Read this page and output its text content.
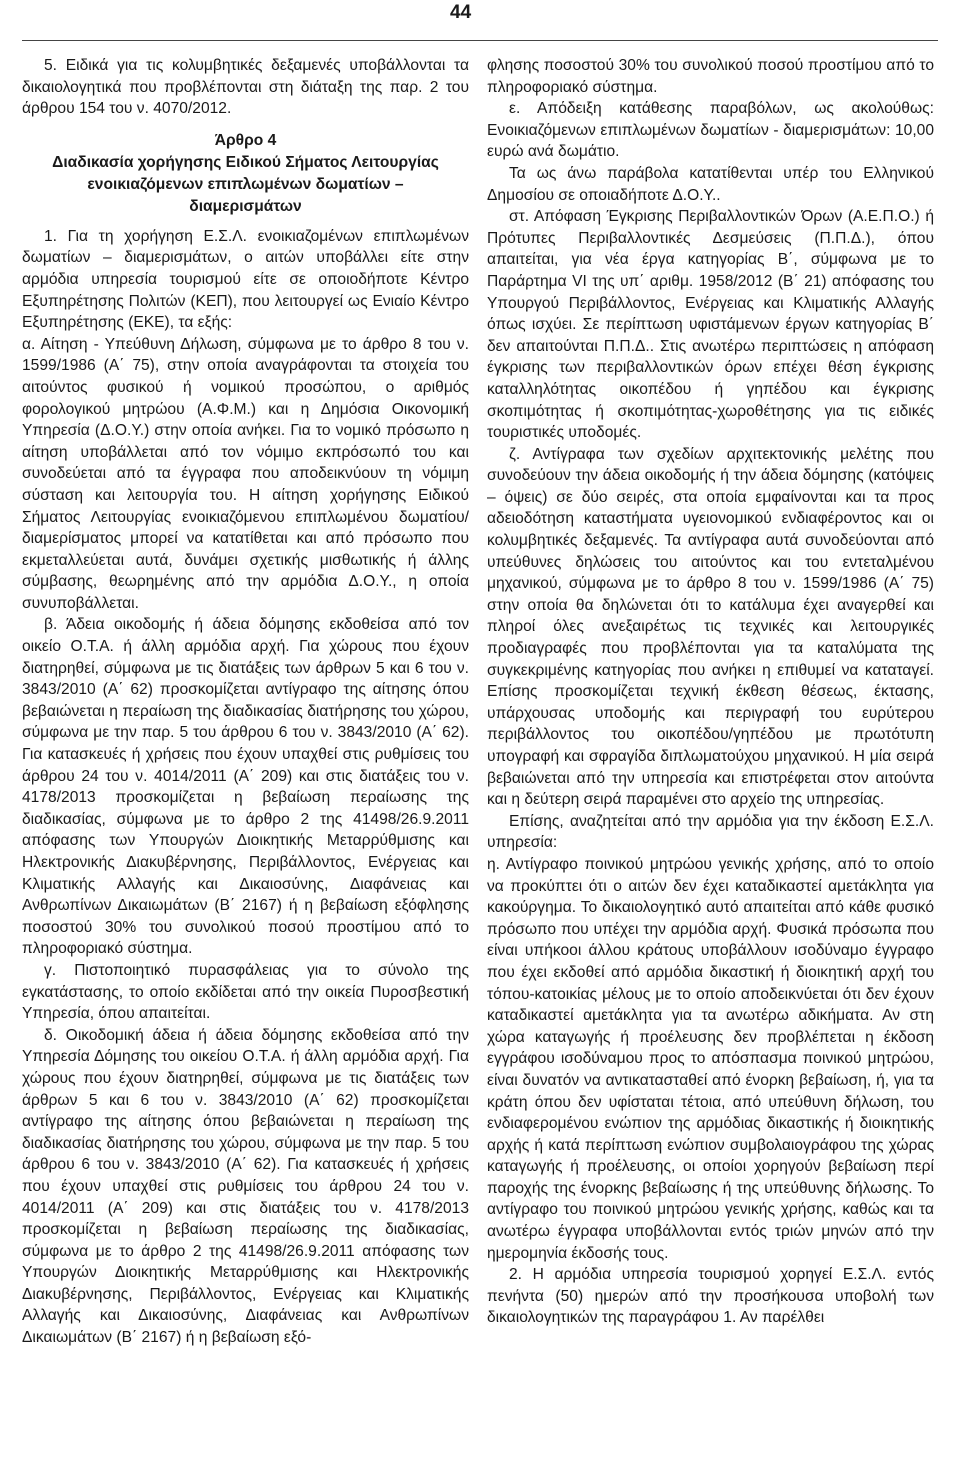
44

5. Ειδικά για τις κολυμβητικές δεξαμενές υποβάλλονται τα δικαιολογητικά που προβλέπονται στη διάταξη της παρ. 2 του άρθρου 154 του ν. 4070/2012.

Άρθρο 4
Διαδικασία χορήγησης Ειδικού Σήματος Λειτουργίας
ενοικιαζόμενων επιπλωμένων δωματίων –
διαμερισμάτων

1. Για τη χορήγηση Ε.Σ.Λ. ενοικιαζομένων επιπλωμένων δωματίων – διαμερισμάτων, ο αιτών υποβάλλει είτε στην αρμόδια υπηρεσία τουρισμού είτε σε οποιοδήποτε Κέντρο Εξυπηρέτησης Πολιτών (ΚΕΠ), που λειτουργεί ως Ενιαίο Κέντρο Εξυπηρέτησης (ΕΚΕ), τα εξής:

α. Αίτηση - Υπεύθυνη Δήλωση, σύμφωνα με το άρθρο 8 του ν. 1599/1986 (Α΄ 75), στην οποία αναγράφονται τα στοιχεία του αιτούντος φυσικού ή νομικού προσώπου, ο αριθμός φορολογικού μητρώου (Α.Φ.Μ.) και η Δημόσια Οικονομική Υπηρεσία (Δ.Ο.Υ.) στην οποία ανήκει. Για το νομικό πρόσωπο η αίτηση υποβάλλεται από τον νόμιμο εκπρόσωπό του και συνοδεύεται από τα έγγραφα που αποδεικνύουν τη νόμιμη σύσταση και λειτουργία του. Η αίτηση χορήγησης Ειδικού Σήματος Λειτουργίας ενοικιαζόμενου επιπλωμένου δωματίου/διαμερίσματος μπορεί να κατατίθεται και από πρόσωπο που εκμεταλλεύεται αυτά, δυνάμει σχετικής μισθωτικής ή άλλης σύμβασης, θεωρημένης από την αρμόδια Δ.Ο.Υ., η οποία συνυποβάλλεται.

β. Άδεια οικοδομής ή άδεια δόμησης εκδοθείσα από τον οικείο Ο.Τ.Α. ή άλλη αρμόδια αρχή. Για χώρους που έχουν διατηρηθεί, σύμφωνα με τις διατάξεις των άρθρων 5 και 6 του ν. 3843/2010 (Α΄ 62) προσκομίζεται αντίγραφο της αίτησης όπου βεβαιώνεται η περαίωση της διαδικασίας διατήρησης του χώρου, σύμφωνα με την παρ. 5 του άρθρου 6 του ν. 3843/2010 (Α΄ 62). Για κατασκευές ή χρήσεις που έχουν υπαχθεί στις ρυθμίσεις του άρθρου 24 του ν. 4014/2011 (Α΄ 209) και στις διατάξεις του ν. 4178/2013 προσκομίζεται η βεβαίωση περαίωσης της διαδικασίας, σύμφωνα με το άρθρο 2 της 41498/26.9.2011 απόφασης των Υπουργών Διοικητικής Μεταρρύθμισης και Ηλεκτρονικής Διακυβέρνησης, Περιβάλλοντος, Ενέργειας και Κλιματικής Αλλαγής και Δικαιοσύνης, Διαφάνειας και Ανθρωπίνων Δικαιωμάτων (Β΄ 2167) ή η βεβαίωση εξόφλησης ποσοστού 30% του συνολικού ποσού προστίμου από το πληροφοριακό σύστημα.

γ. Πιστοποιητικό πυρασφάλειας για το σύνολο της εγκατάστασης, το οποίο εκδίδεται από την οικεία Πυροσβεστική Υπηρεσία, όπου απαιτείται.

δ. Οικοδομική άδεια ή άδεια δόμησης εκδοθείσα από την Υπηρεσία Δόμησης του οικείου Ο.Τ.Α. ή άλλη αρμόδια αρχή. Για χώρους που έχουν διατηρηθεί, σύμφωνα με τις διατάξεις των άρθρων 5 και 6 του ν. 3843/2010 (Α΄ 62) προσκομίζεται αντίγραφο της αίτησης όπου βεβαιώνεται η περαίωση της διαδικασίας διατήρησης του χώρου, σύμφωνα με την παρ. 5 του άρθρου 6 του ν. 3843/2010 (Α΄ 62). Για κατασκευές ή χρήσεις που έχουν υπαχθεί στις ρυθμίσεις του άρθρου 24 του ν. 4014/2011 (Α΄ 209) και στις διατάξεις του ν. 4178/2013 προσκομίζεται η βεβαίωση περαίωσης της διαδικασίας, σύμφωνα με το άρθρο 2 της 41498/26.9.2011 απόφασης των Υπουργών Διοικητικής Μεταρρύθμισης και Ηλεκτρονικής Διακυβέρνησης, Περιβάλλοντος, Ενέργειας και Κλιματικής Αλλαγής και Δικαιοσύνης, Διαφάνειας και Ανθρωπίνων Δικαιωμάτων (Β΄ 2167) ή η βεβαίωση εξό-

φλησης ποσοστού 30% του συνολικού ποσού προστίμου από το πληροφοριακό σύστημα.

ε. Απόδειξη κατάθεσης παραβόλων, ως ακολούθως: Ενοικιαζόμενων επιπλωμένων δωματίων - διαμερισμάτων: 10,00 ευρώ ανά δωμάτιο.

Τα ως άνω παράβολα κατατίθενται υπέρ του Ελληνικού Δημοσίου σε οποιαδήποτε Δ.Ο.Υ..

στ. Απόφαση Έγκρισης Περιβαλλοντικών Όρων (Α.Ε.Π.Ο.) ή Πρότυπες Περιβαλλοντικές Δεσμεύσεις (Π.Π.Δ.), όπου απαιτείται, για νέα έργα κατηγορίας Β΄, σύμφωνα με το Παράρτημα VI της υπ΄ αριθμ. 1958/2012 (Β΄ 21) απόφασης του Υπουργού Περιβάλλοντος, Ενέργειας και Κλιματικής Αλλαγής όπως ισχύει. Σε περίπτωση υφιστάμενων έργων κατηγορίας Β΄ δεν απαιτούνται Π.Π.Δ.. Στις ανωτέρω περιπτώσεις η απόφαση έγκρισης των περιβαλλοντικών όρων επέχει θέση έγκρισης καταλληλότητας οικοπέδου ή γηπέδου και έγκρισης σκοπιμότητας ή σκοπιμότητας-χωροθέτησης για τις ειδικές τουριστικές υποδομές.

ζ. Αντίγραφα των σχεδίων αρχιτεκτονικής μελέτης που συνοδεύουν την άδεια οικοδομής ή την άδεια δόμησης (κατόψεις – όψεις) σε δύο σειρές, στα οποία εμφαίνονται και τα προς αδειοδότηση καταστήματα υγειονομικού ενδιαφέροντος και οι κολυμβητικές δεξαμενές. Τα αντίγραφα αυτά συνοδεύονται από υπεύθυνες δηλώσεις του αιτούντος και του εντεταλμένου μηχανικού, σύμφωνα με το άρθρο 8 του ν. 1599/1986 (Α΄ 75) στην οποία θα δηλώνεται ότι το κατάλυμα έχει αναγερθεί και πληροί όλες ανεξαιρέτως τις τεχνικές και λειτουργικές προδιαγραφές που προβλέπονται για τα καταλύματα της συγκεκριμένης κατηγορίας που ανήκει η επιθυμεί να καταταγεί. Επίσης προσκομίζεται τεχνική έκθεση θέσεως, έκτασης, υπάρχουσας υποδομής και περιγραφή του ευρύτερου περιβάλλοντος του οικοπέδου/γηπέδου με πρωτότυπη υπογραφή και σφραγίδα διπλωματούχου μηχανικού. Η μία σειρά βεβαιώνεται από την υπηρεσία και επιστρέφεται στον αιτούντα και η δεύτερη σειρά παραμένει στο αρχείο της υπηρεσίας.

Επίσης, αναζητείται από την αρμόδια για την έκδοση Ε.Σ.Λ. υπηρεσία:

η. Αντίγραφο ποινικού μητρώου γενικής χρήσης, από το οποίο να προκύπτει ότι ο αιτών δεν έχει καταδικαστεί αμετάκλητα για κακούργημα. Το δικαιολογητικό αυτό απαιτείται από κάθε φυσικό πρόσωπο που υπέχει την αρμόδια αρχή. Φυσικά πρόσωπα που είναι υπήκοοι άλλου κράτους υποβάλλουν ισοδύναμο έγγραφο που έχει εκδοθεί από αρμόδια δικαστική ή διοικητική αρχή του τόπου-κατοικίας μέλους με το οποίο αποδεικνύεται ότι δεν έχουν καταδικαστεί αμετάκλητα για τα ανωτέρω αδικήματα. Αν στη χώρα καταγωγής ή προέλευσης δεν προβλέπεται η έκδοση εγγράφου ισοδύναμου προς το απόσπασμα ποινικού μητρώου, είναι δυνατόν να αντικατασταθεί από ένορκη βεβαίωση, ή, για τα κράτη όπου δεν υφίσταται τέτοια, από υπεύθυνη δήλωση, του ενδιαφερομένου ενώπιον της αρμόδιας δικαστικής ή διοικητικής αρχής ή κατά περίπτωση ενώπιον συμβολαιογράφου της χώρας καταγωγής ή προέλευσης, οι οποίοι χορηγούν βεβαίωση περί παροχής της ένορκης βεβαίωσης ή της υπεύθυνης δήλωσης. Το αντίγραφο του ποινικού μητρώου γενικής χρήσης, καθώς και τα ανωτέρω έγγραφα υποβάλλονται εντός τριών μηνών από την ημερομηνία έκδοσής τους.

2. Η αρμόδια υπηρεσία τουρισμού χορηγεί Ε.Σ.Λ. εντός πενήντα (50) ημερών από την προσήκουσα υποβολή των δικαιολογητικών της παραγράφου 1. Αν παρέλθει
